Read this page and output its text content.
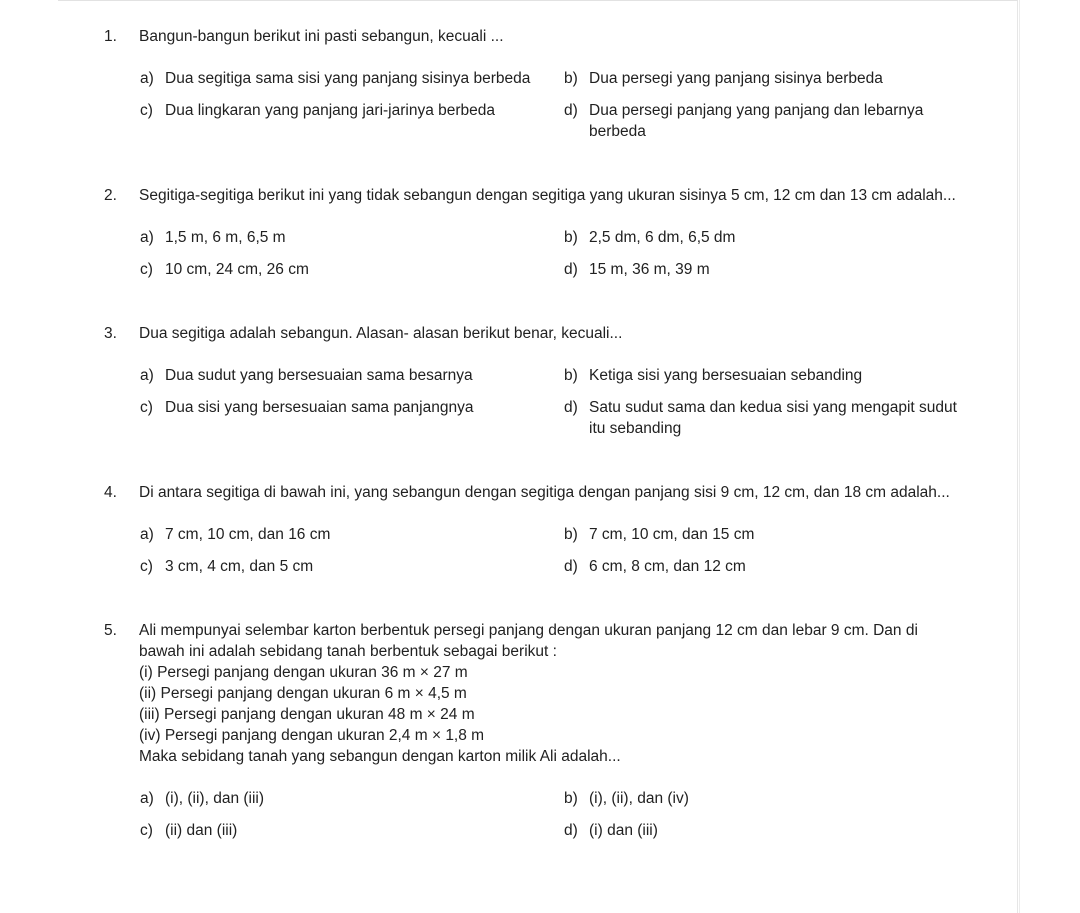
1.	Bangun-bangun berikut ini pasti sebangun, kecuali ...
a) Dua segitiga sama sisi yang panjang sisinya berbeda	b) Dua persegi yang panjang sisinya berbeda
c) Dua lingkaran yang panjang jari-jarinya berbeda	d) Dua persegi panjang yang panjang dan lebarnya berbeda
2.	Segitiga-segitiga berikut ini yang tidak sebangun dengan segitiga yang ukuran sisinya 5 cm, 12 cm dan 13 cm adalah...
a) 1,5 m, 6 m, 6,5 m	b) 2,5 dm, 6 dm, 6,5 dm
c) 10 cm, 24 cm, 26 cm	d) 15 m, 36 m, 39 m
3.	Dua segitiga adalah sebangun. Alasan- alasan berikut benar, kecuali...
a) Dua sudut yang bersesuaian sama besarnya	b) Ketiga sisi yang bersesuaian sebanding
c) Dua sisi yang bersesuaian sama panjangnya	d) Satu sudut sama dan kedua sisi yang mengapit sudut itu sebanding
4.	Di antara segitiga di bawah ini, yang sebangun dengan segitiga dengan panjang sisi 9 cm, 12 cm, dan 18 cm adalah...
a) 7 cm, 10 cm, dan 16 cm	b) 7 cm, 10 cm, dan 15 cm
c) 3 cm, 4 cm, dan 5 cm	d) 6 cm, 8 cm, dan 12 cm
5.	Ali mempunyai selembar karton berbentuk persegi panjang dengan ukuran panjang 12 cm dan lebar 9 cm. Dan di
bawah ini adalah sebidang tanah berbentuk sebagai berikut :
(i) Persegi panjang dengan ukuran 36 m × 27 m
(ii) Persegi panjang dengan ukuran 6 m × 4,5 m
(iii) Persegi panjang dengan ukuran 48 m × 24 m
(iv) Persegi panjang dengan ukuran 2,4 m × 1,8 m
Maka sebidang tanah yang sebangun dengan karton milik Ali adalah...
a) (i), (ii), dan (iii)	b) (i), (ii), dan (iv)
c) (ii) dan (iii)	d) (i) dan (iii)
